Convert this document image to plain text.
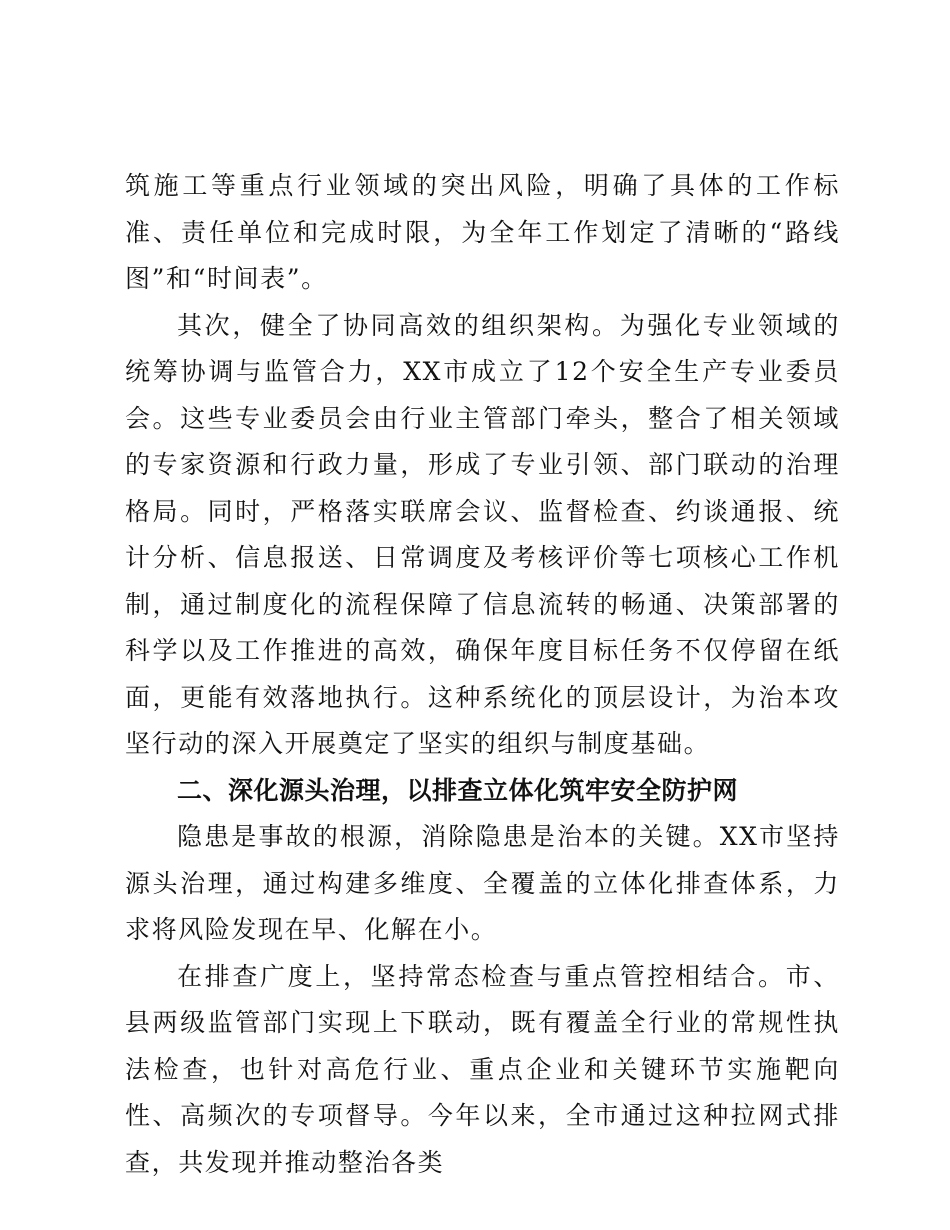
筑施工等重点行业领域的突出风险，明确了具体的工作标准、责任单位和完成时限，为全年工作划定了清晰的“路线图”和“时间表”。

其次，健全了协同高效的组织架构。为强化专业领域的统筹协调与监管合力，XX市成立了12个安全生产专业委员会。这些专业委员会由行业主管部门牵头，整合了相关领域的专家资源和行政力量，形成了专业引领、部门联动的治理格局。同时，严格落实联席会议、监督检查、约谈通报、统计分析、信息报送、日常调度及考核评价等七项核心工作机制，通过制度化的流程保障了信息流转的畅通、决策部署的科学以及工作推进的高效，确保年度目标任务不仅停留在纸面，更能有效落地执行。这种系统化的顶层设计，为治本攻坚行动的深入开展奠定了坚实的组织与制度基础。

二、深化源头治理，以排查立体化筑牢安全防护网

隐患是事故的根源，消除隐患是治本的关键。XX市坚持源头治理，通过构建多维度、全覆盖的立体化排查体系，力求将风险发现在早、化解在小。

在排查广度上，坚持常态检查与重点管控相结合。市、县两级监管部门实现上下联动，既有覆盖全行业的常规性执法检查，也针对高危行业、重点企业和关键环节实施靶向性、高频次的专项督导。今年以来，全市通过这种拉网式排查，共发现并推动整治各类
